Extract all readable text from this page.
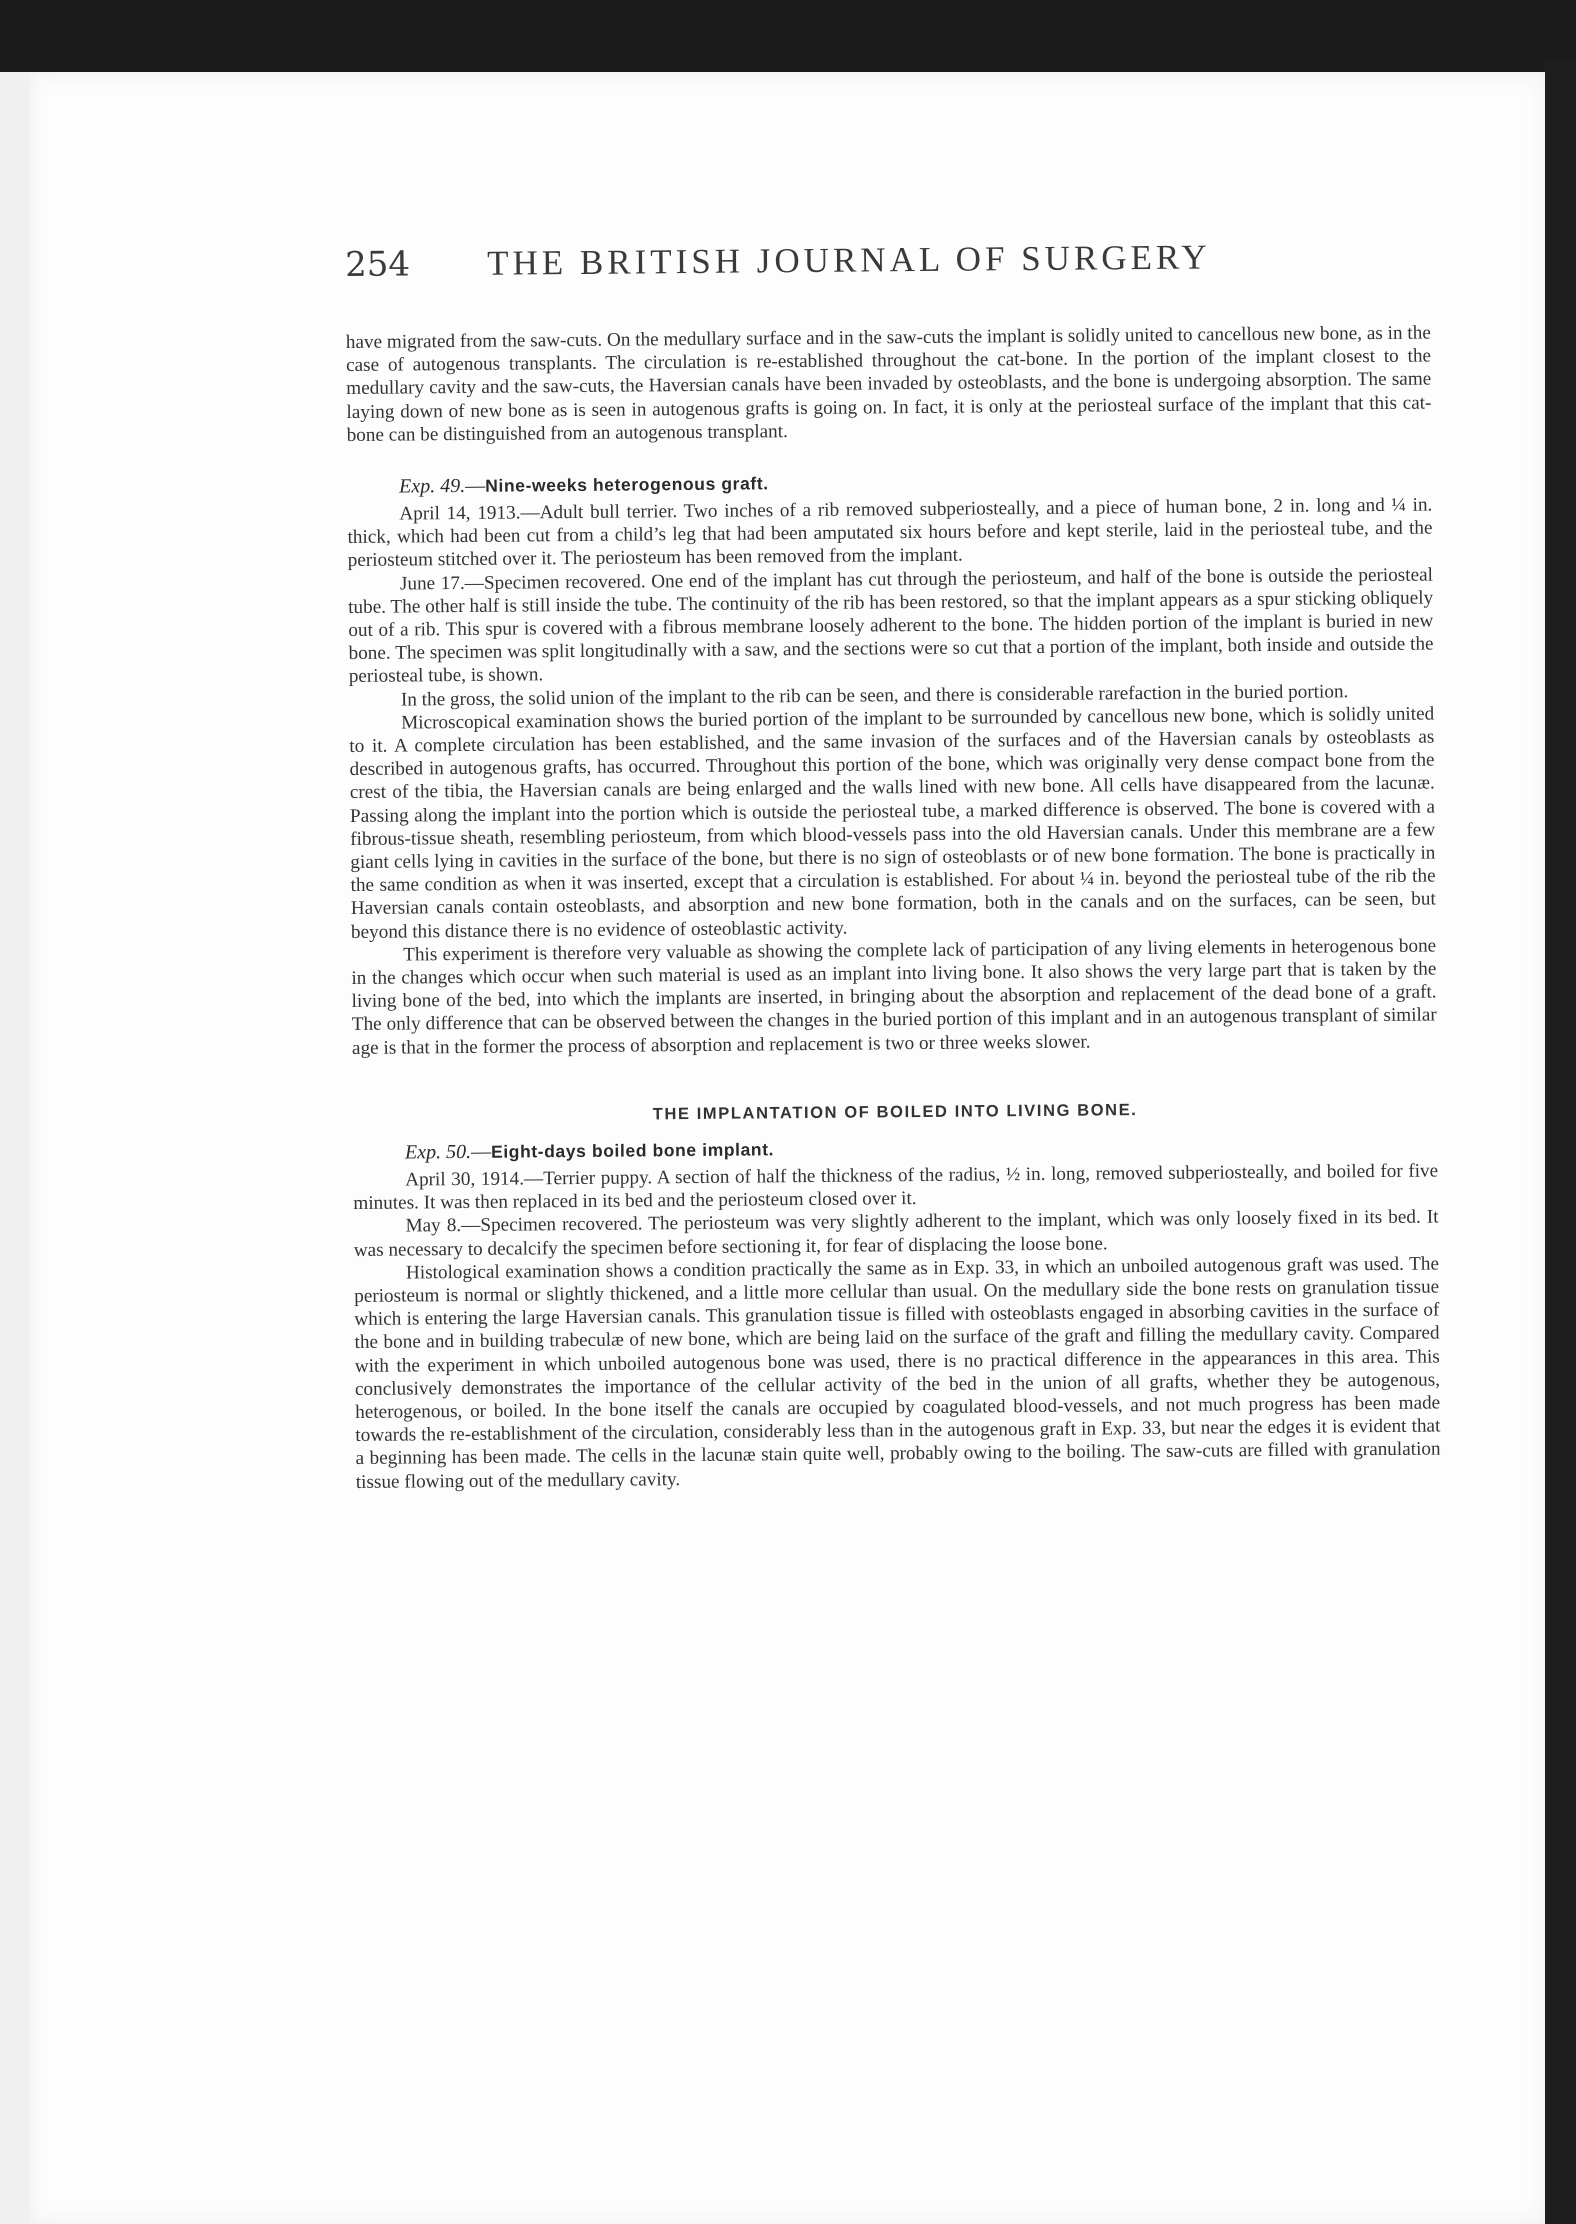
254 THE BRITISH JOURNAL OF SURGERY

have migrated from the saw-cuts. On the medullary surface and in the saw-cuts the implant is solidly united to cancellous new bone, as in the case of autogenous transplants. The circulation is re-established throughout the cat-bone. In the portion of the implant closest to the medullary cavity and the saw-cuts, the Haversian canals have been invaded by osteoblasts, and the bone is undergoing absorption. The same laying down of new bone as is seen in autogenous grafts is going on. In fact, it is only at the periosteal surface of the implant that this cat-bone can be distinguished from an autogenous transplant.

Exp. 49.—Nine-weeks heterogenous graft.

April 14, 1913.—Adult bull terrier. Two inches of a rib removed subperiosteally, and a piece of human bone, 2 in. long and ¼ in. thick, which had been cut from a child’s leg that had been amputated six hours before and kept sterile, laid in the periosteal tube, and the periosteum stitched over it. The periosteum has been removed from the implant.

June 17.—Specimen recovered. One end of the implant has cut through the periosteum, and half of the bone is outside the periosteal tube. The other half is still inside the tube. The continuity of the rib has been restored, so that the implant appears as a spur sticking obliquely out of a rib. This spur is covered with a fibrous membrane loosely adherent to the bone. The hidden portion of the implant is buried in new bone. The specimen was split longitudinally with a saw, and the sections were so cut that a portion of the implant, both inside and outside the periosteal tube, is shown.

In the gross, the solid union of the implant to the rib can be seen, and there is considerable rarefaction in the buried portion.

Microscopical examination shows the buried portion of the implant to be surrounded by cancellous new bone, which is solidly united to it. A complete circulation has been established, and the same invasion of the surfaces and of the Haversian canals by osteoblasts as described in autogenous grafts, has occurred. Throughout this portion of the bone, which was originally very dense compact bone from the crest of the tibia, the Haversian canals are being enlarged and the walls lined with new bone. All cells have disappeared from the lacunæ. Passing along the implant into the portion which is outside the periosteal tube, a marked difference is observed. The bone is covered with a fibrous-tissue sheath, resembling periosteum, from which blood-vessels pass into the old Haversian canals. Under this membrane are a few giant cells lying in cavities in the surface of the bone, but there is no sign of osteoblasts or of new bone formation. The bone is practically in the same condition as when it was inserted, except that a circulation is established. For about ¼ in. beyond the periosteal tube of the rib the Haversian canals contain osteoblasts, and absorption and new bone formation, both in the canals and on the surfaces, can be seen, but beyond this distance there is no evidence of osteoblastic activity.

This experiment is therefore very valuable as showing the complete lack of participation of any living elements in heterogenous bone in the changes which occur when such material is used as an implant into living bone. It also shows the very large part that is taken by the living bone of the bed, into which the implants are inserted, in bringing about the absorption and replacement of the dead bone of a graft. The only difference that can be observed between the changes in the buried portion of this implant and in an autogenous transplant of similar age is that in the former the process of absorption and replacement is two or three weeks slower.

THE IMPLANTATION OF BOILED INTO LIVING BONE.
Exp. 50.—Eight-days boiled bone implant.

April 30, 1914.—Terrier puppy. A section of half the thickness of the radius, ½ in. long, removed subperiosteally, and boiled for five minutes. It was then replaced in its bed and the periosteum closed over it.

May 8.—Specimen recovered. The periosteum was very slightly adherent to the implant, which was only loosely fixed in its bed. It was necessary to decalcify the specimen before sectioning it, for fear of displacing the loose bone.

Histological examination shows a condition practically the same as in Exp. 33, in which an unboiled autogenous graft was used. The periosteum is normal or slightly thickened, and a little more cellular than usual. On the medullary side the bone rests on granulation tissue which is entering the large Haversian canals. This granulation tissue is filled with osteoblasts engaged in absorbing cavities in the surface of the bone and in building trabeculæ of new bone, which are being laid on the surface of the graft and filling the medullary cavity. Compared with the experiment in which unboiled autogenous bone was used, there is no practical difference in the appearances in this area. This conclusively demonstrates the importance of the cellular activity of the bed in the union of all grafts, whether they be autogenous, heterogenous, or boiled. In the bone itself the canals are occupied by coagulated blood-vessels, and not much progress has been made towards the re-establishment of the circulation, considerably less than in the autogenous graft in Exp. 33, but near the edges it is evident that a beginning has been made. The cells in the lacunæ stain quite well, probably owing to the boiling. The saw-cuts are filled with granulation tissue flowing out of the medullary cavity.
